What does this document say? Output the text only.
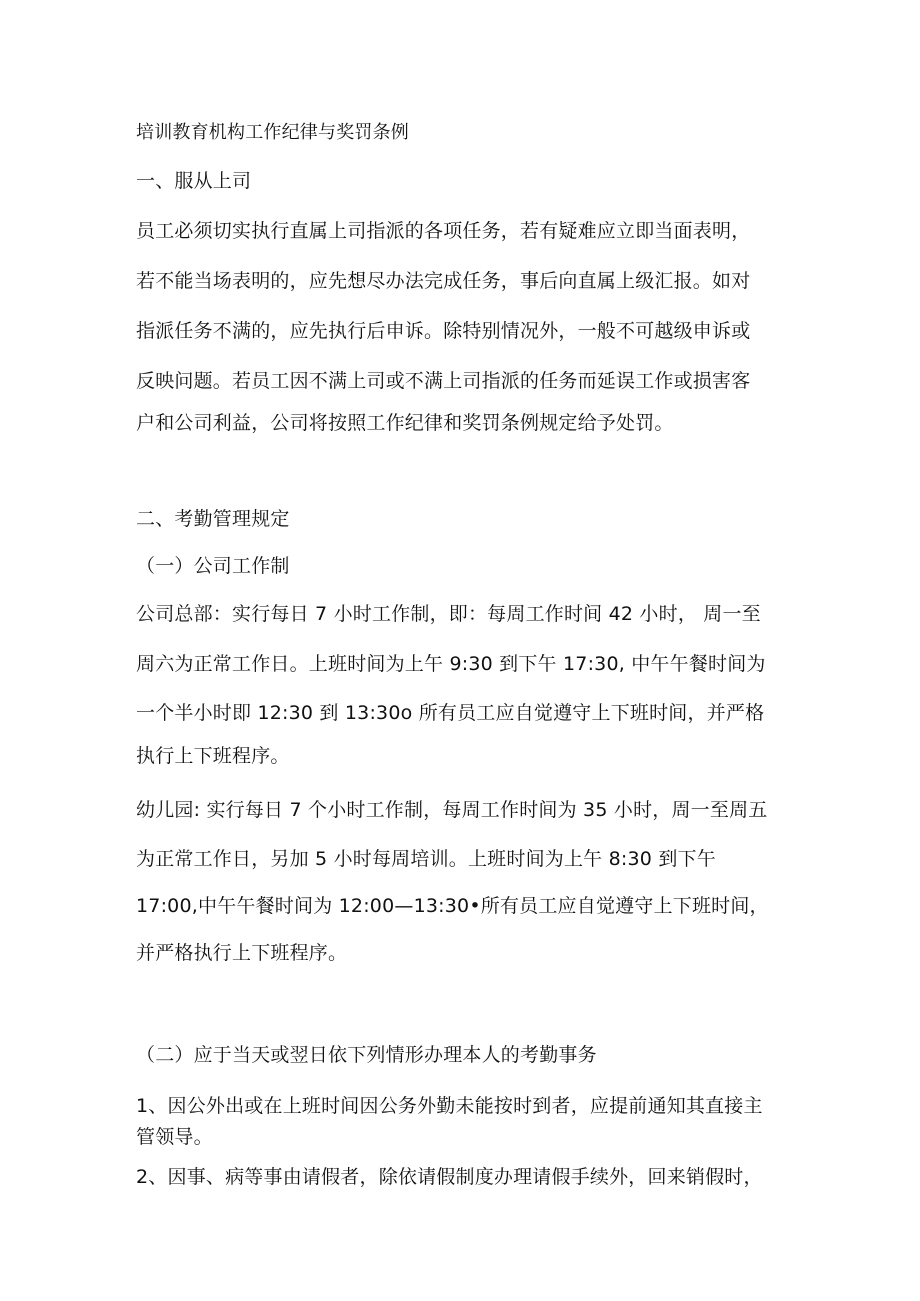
培训教育机构工作纪律与奖罚条例
一、服从上司
员工必须切实执行直属上司指派的各项任务，若有疑难应立即当面表明，
若不能当场表明的，应先想尽办法完成任务，事后向直属上级汇报。如对
指派任务不满的，应先执行后申诉。除特别情况外，一般不可越级申诉或
反映问题。若员工因不满上司或不满上司指派的任务而延误工作或损害客
户和公司利益，公司将按照工作纪律和奖罚条例规定给予处罚。
二、考勤管理规定
（一）公司工作制
公司总部：实行每日 7 小时工作制，即：每周工作时间 42 小时， 周一至
周六为正常工作日。上班时间为上午 9:30 到下午 17:30, 中午午餐时间为
一个半小时即 12:30 到 13:30o 所有员工应自觉遵守上下班时间，并严格
执行上下班程序。
幼儿园: 实行每日 7 个小时工作制，每周工作时间为 35 小时，周一至周五
为正常工作日，另加 5 小时每周培训。上班时间为上午 8:30 到下午
17:00,中午午餐时间为 12:00—13:30•所有员工应自觉遵守上下班时间，
并严格执行上下班程序。
（二）应于当天或翌日依下列情形办理本人的考勤事务
1、因公外出或在上班时间因公务外勤未能按时到者，应提前通知其直接主
管领导。
2、因事、病等事由请假者，除依请假制度办理请假手续外，回来销假时，
